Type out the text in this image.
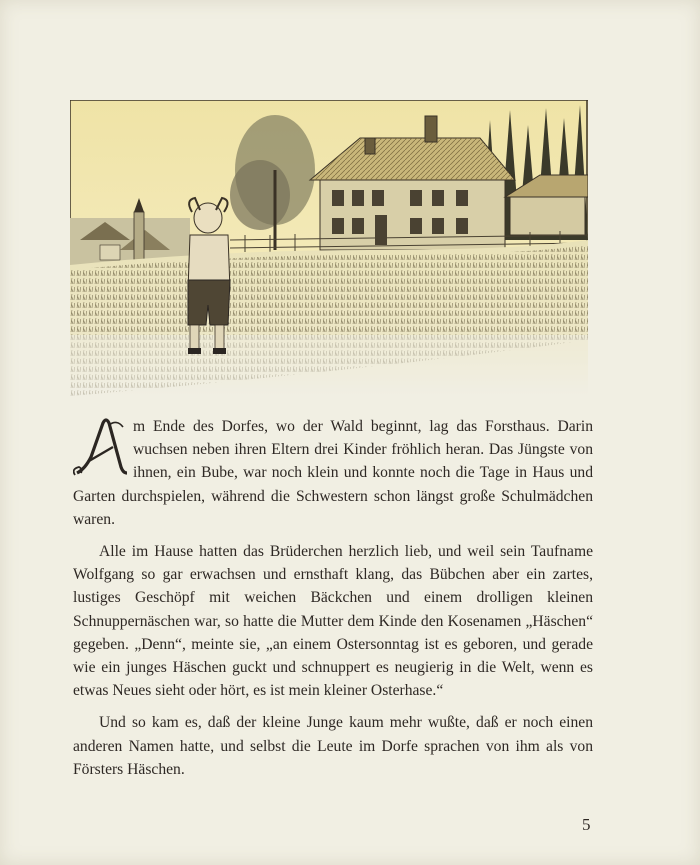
m Ende des Dorfes, wo der Wald beginnt, lag das Forsthaus. Darin wuchsen neben ihren Eltern drei Kinder fröhlich heran. Das Jüngste von ihnen, ein Bube, war noch klein und konnte noch die Tage in Haus und Garten durchspielen, während die Schwestern schon längst große Schulmädchen waren.

Alle im Hause hatten das Brüderchen herzlich lieb, und weil sein Taufname Wolfgang so gar erwachsen und ernsthaft klang, das Bübchen aber ein zartes, lustiges Geschöpf mit weichen Bäckchen und einem drolligen kleinen Schnuppernäschen war, so hatte die Mutter dem Kinde den Kosenamen „Häschen“ gegeben. „Denn“, meinte sie, „an einem Ostersonntag ist es geboren, und gerade wie ein junges Häschen guckt und schnuppert es neugierig in die Welt, wenn es etwas Neues sieht oder hört, es ist mein kleiner Osterhase.“

Und so kam es, daß der kleine Junge kaum mehr wußte, daß er noch einen anderen Namen hatte, und selbst die Leute im Dorfe sprachen von ihm als von Försters Häschen.

5
